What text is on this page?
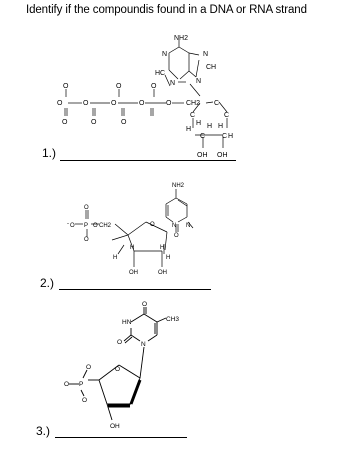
Identify if the compoundis found in a DNA or RNA strand
1.)
2.)
3.)
NH2
N	N
CH
HC
N	N
O	O	O
O	O	O	O	O
O	O	O
CH2 C
C
H H
C
H
C	H
C
OH OH
H
NH2
N
N
O
O
O
O
P O CH2	O
H
H	H
H
OH	OH
-
HN
O	N
O
CH3
O
O
P
O
O
OH
